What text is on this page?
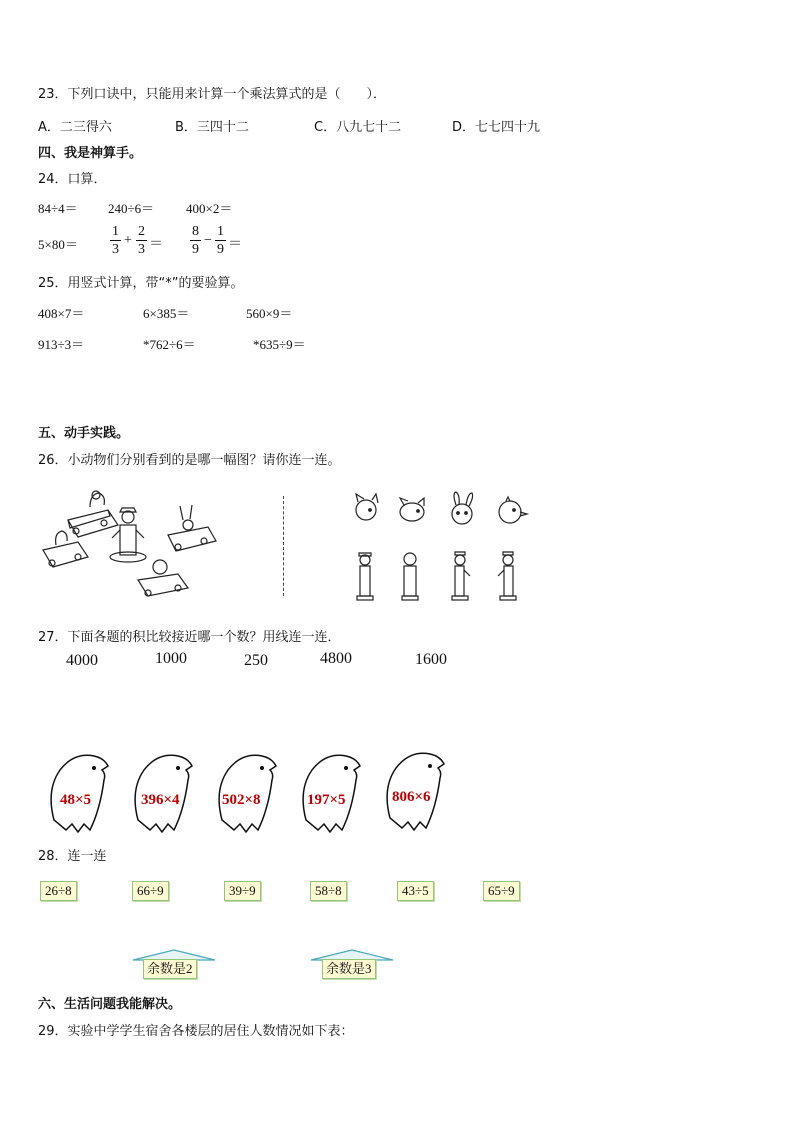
23．下列口诀中，只能用来计算一个乘法算式的是（　　）．
A．二三得六	B．三四十二	C．八九七十二	D．七七四十九
四、我是神算手。
24．口算．
84÷4＝ 240÷6＝ 400×2＝
5×80＝
1
3
+
2
3 ＝
8
9
−
1
9 ＝
25．用竖式计算，带“*”的要验算。
408×7＝	6×385＝	560×9＝
913÷3＝	*762÷6＝	*635÷9＝
五、动手实践。
26．小动物们分别看到的是哪一幅图？请你连一连。
27．下面各题的积比较接近哪一个数？用线连一连．
4000	1000	250	4800	1600
48×5	396×4	502×8	197×5	806×6
28．连一连
26÷8	66÷9	39÷9	58÷8	43÷5	65÷9
余数是2	余数是3
六、生活问题我能解决。
29．实验中学学生宿舍各楼层的居住人数情况如下表：
